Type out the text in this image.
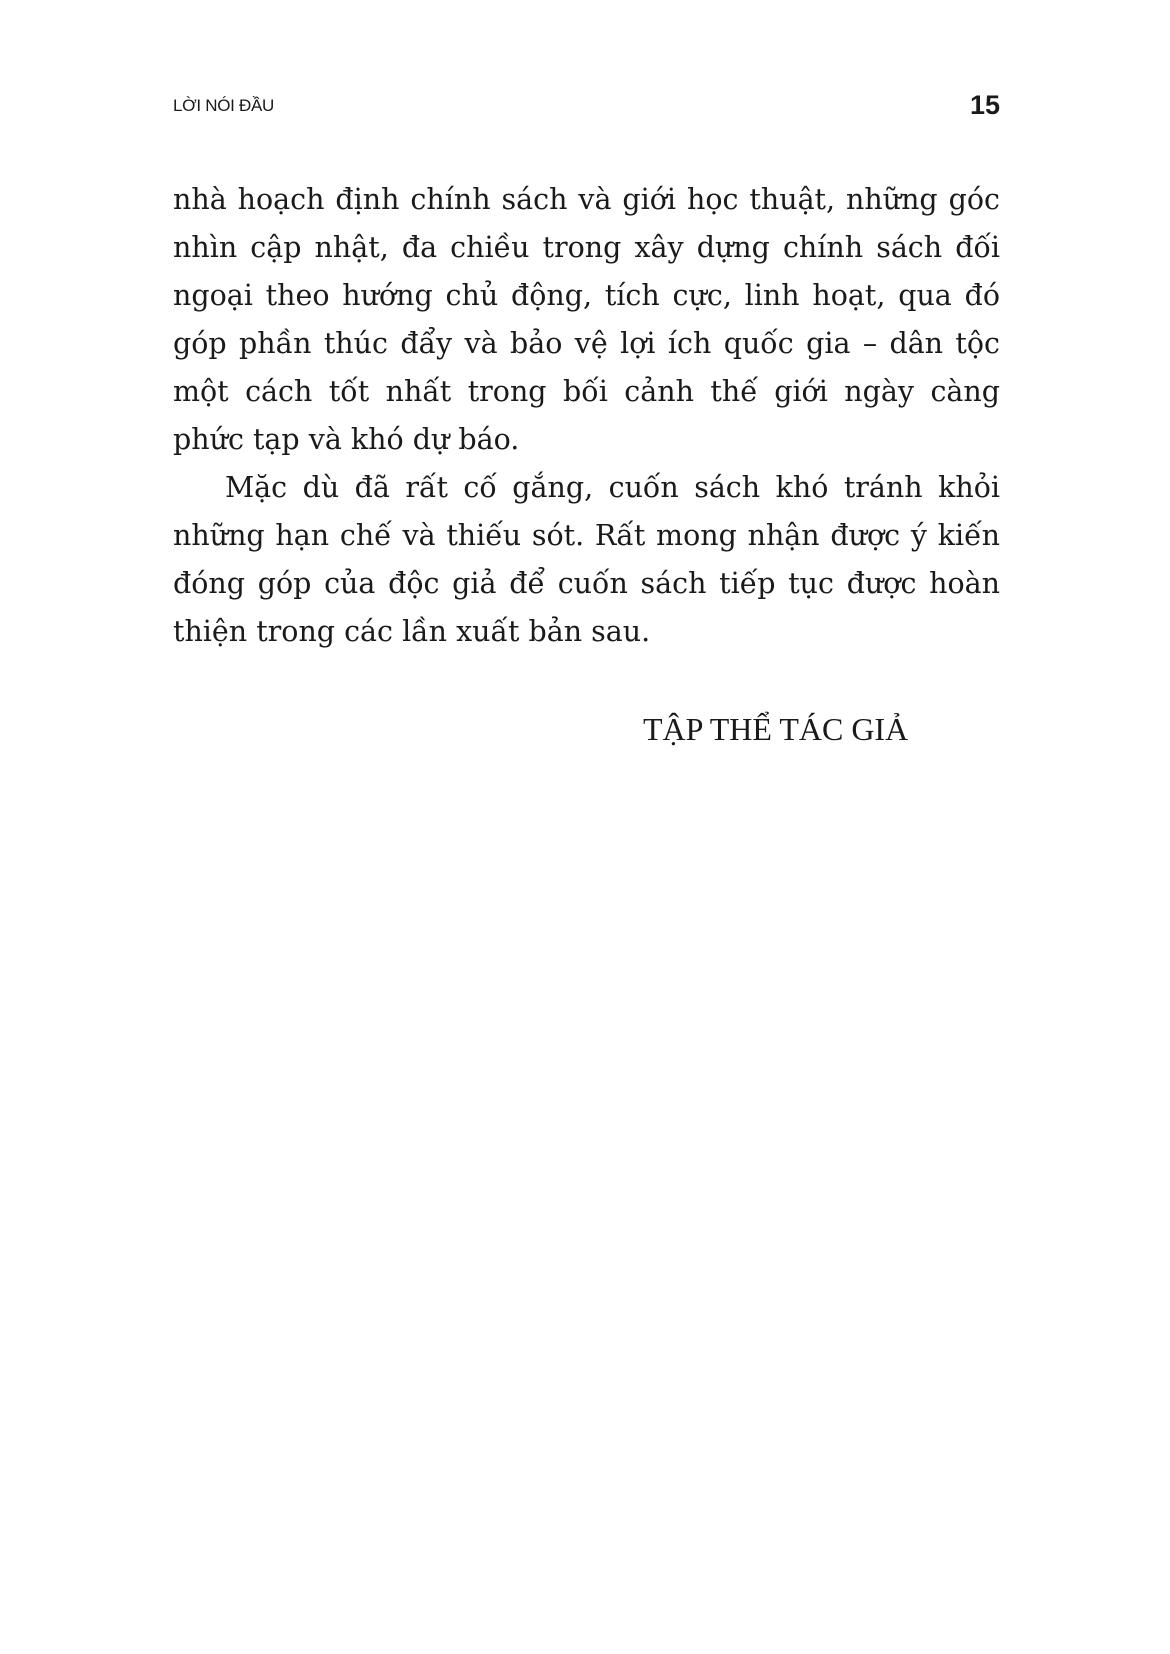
LỜI NÓI ĐẦU	15

nhà hoạch định chính sách và giới học thuật, những góc nhìn cập nhật, đa chiều trong xây dựng chính sách đối ngoại theo hướng chủ động, tích cực, linh hoạt, qua đó góp phần thúc đẩy và bảo vệ lợi ích quốc gia – dân tộc một cách tốt nhất trong bối cảnh thế giới ngày càng phức tạp và khó dự báo.

Mặc dù đã rất cố gắng, cuốn sách khó tránh khỏi những hạn chế và thiếu sót. Rất mong nhận được ý kiến đóng góp của độc giả để cuốn sách tiếp tục được hoàn thiện trong các lần xuất bản sau.

TẬP THỂ TÁC GIẢ
